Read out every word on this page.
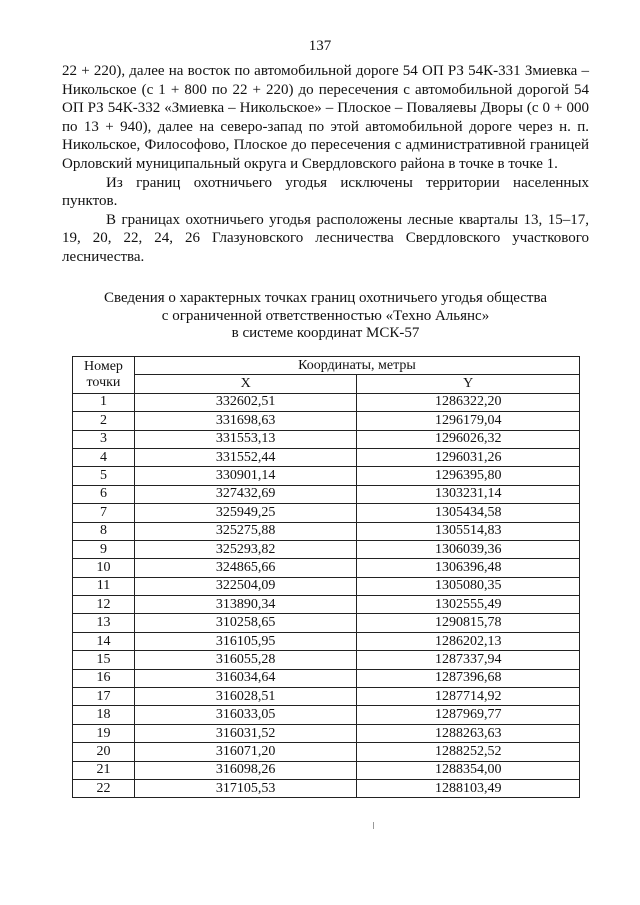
137

22 + 220), далее на восток по автомобильной дороге 54 ОП РЗ 54К-331 Змиевка – Никольское (с 1 + 800 по 22 + 220) до пересечения с автомобильной дорогой 54 ОП РЗ 54К-332 «Змиевка – Никольское» – Плоское – Поваляевы Дворы (с 0 + 000 по 13 + 940), далее на северо-запад по этой автомобильной дороге через н. п. Никольское, Философово, Плоское до пересечения с административной границей Орловский муниципальный округа и Свердловского района в точке в точке 1.

Из границ охотничьего угодья исключены территории населенных пунктов.

В границах охотничьего угодья расположены лесные кварталы 13, 15–17, 19, 20, 22, 24, 26 Глазуновского лесничества Свердловского участкового лесничества.

Сведения о характерных точках границ охотничьего угодья общества
с ограниченной ответственностью «Техно Альянс»
в системе координат МСК-57
Номер
точки	Координаты, метры	
	X	Y
1	332602,51	1286322,20
2	331698,63	1296179,04
3	331553,13	1296026,32
4	331552,44	1296031,26
5	330901,14	1296395,80
6	327432,69	1303231,14
7	325949,25	1305434,58
8	325275,88	1305514,83
9	325293,82	1306039,36
10	324865,66	1306396,48
11	322504,09	1305080,35
12	313890,34	1302555,49
13	310258,65	1290815,78
14	316105,95	1286202,13
15	316055,28	1287337,94
16	316034,64	1287396,68
17	316028,51	1287714,92
18	316033,05	1287969,77
19	316031,52	1288263,63
20	316071,20	1288252,52
21	316098,26	1288354,00
22	317105,53	1288103,49
